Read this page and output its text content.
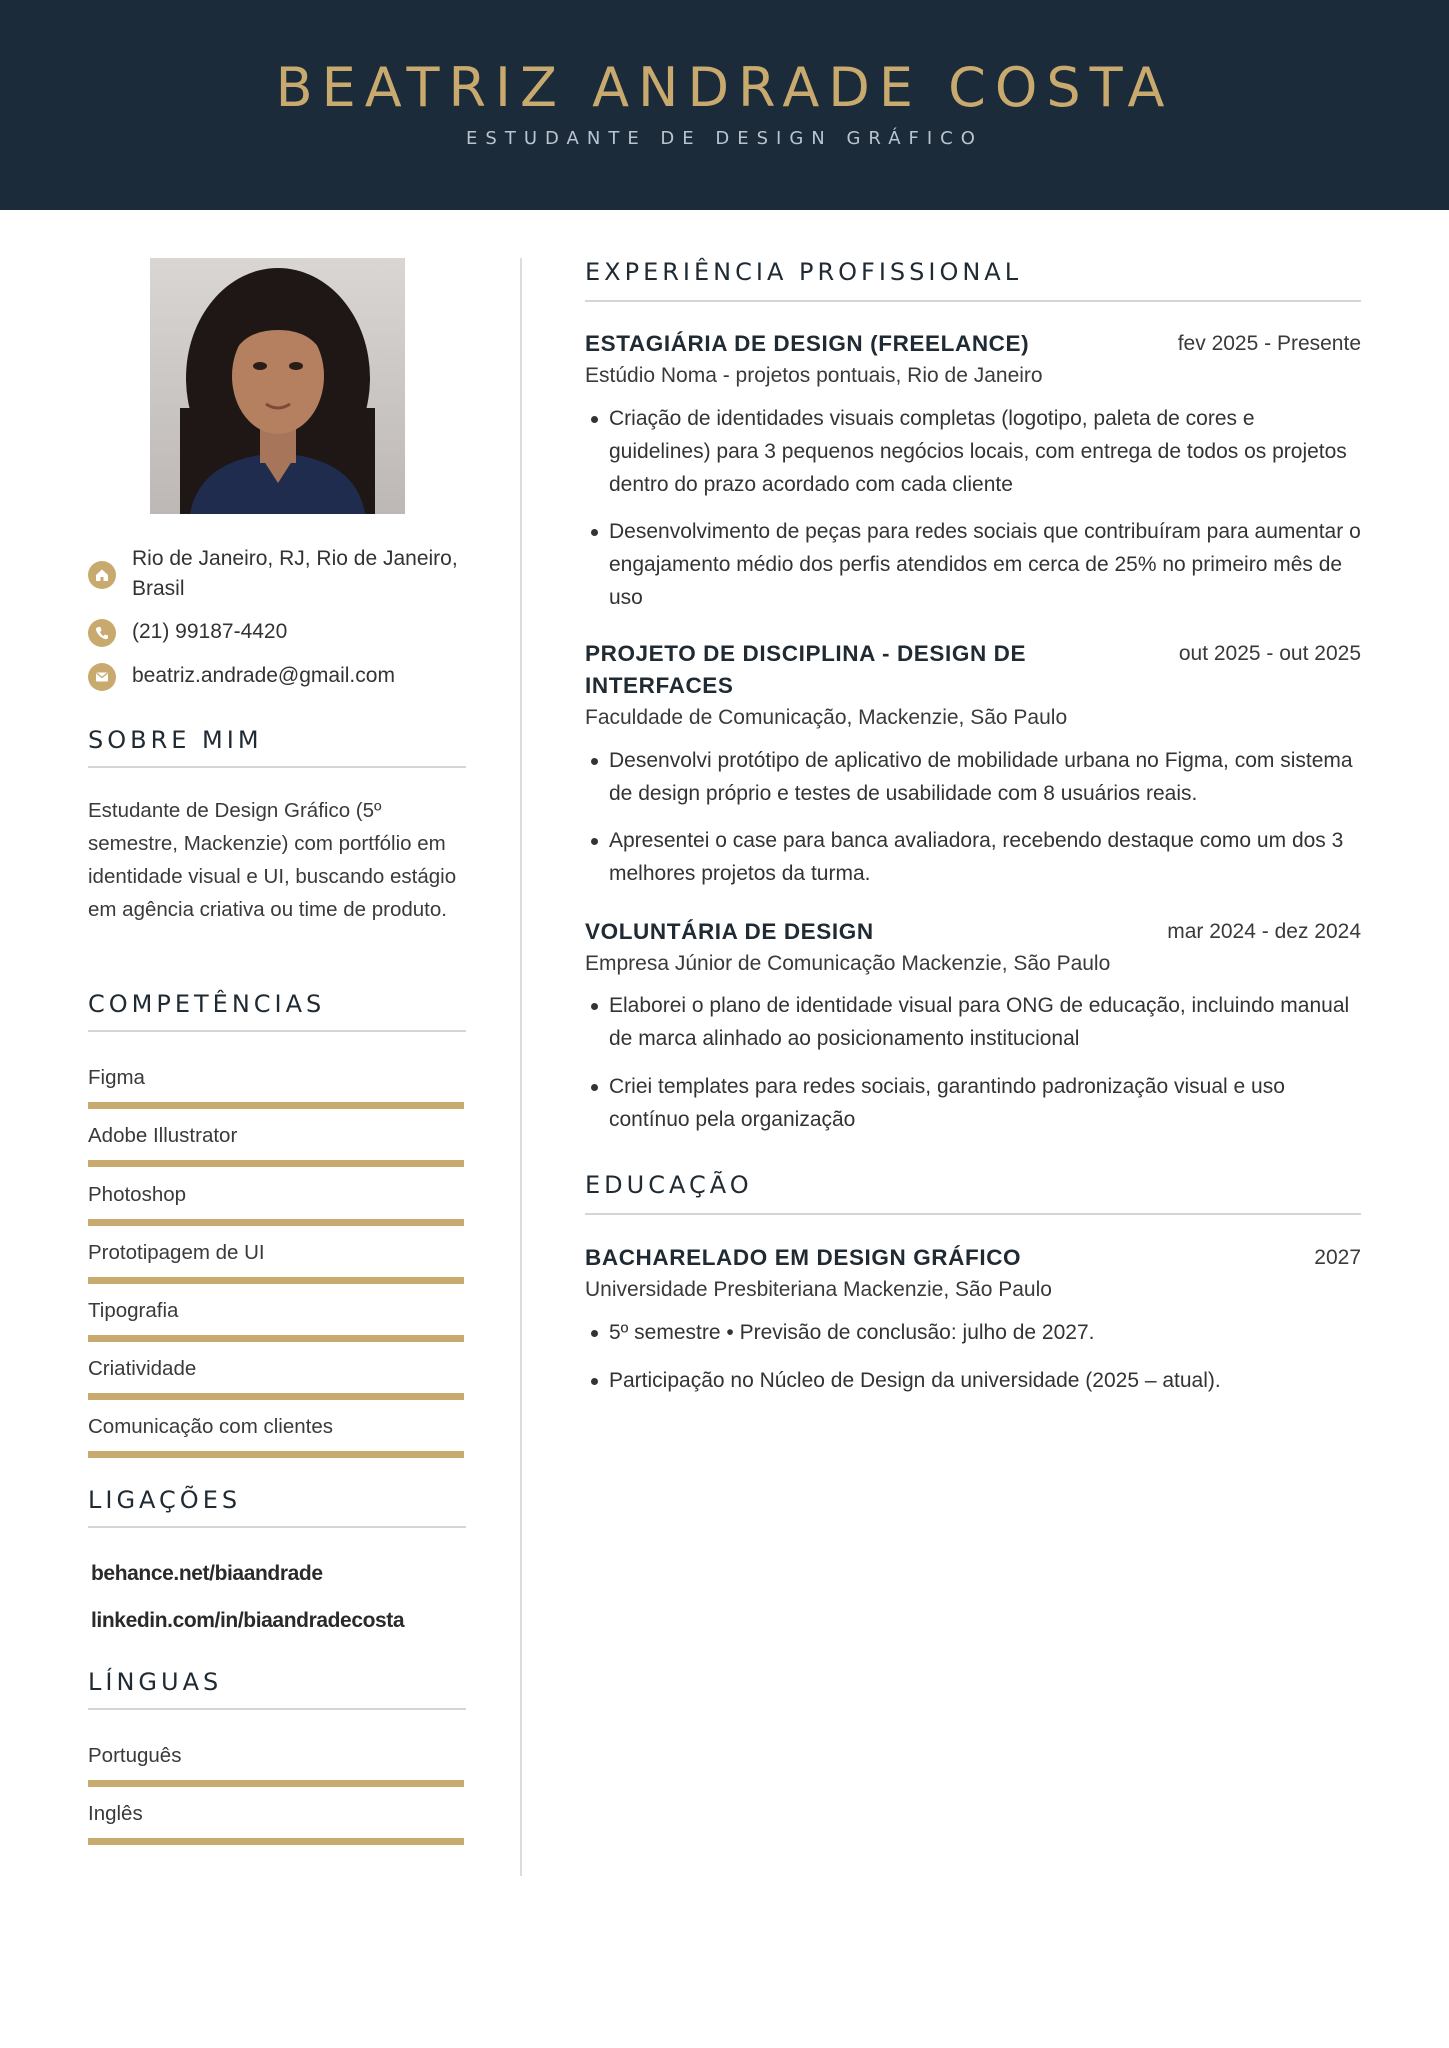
BEATRIZ ANDRADE COSTA
ESTUDANTE DE DESIGN GRÁFICO
Rio de Janeiro, RJ, Rio de Janeiro, Brasil
(21) 99187-4420
beatriz.andrade@gmail.com
SOBRE MIM
Estudante de Design Gráfico (5º semestre, Mackenzie) com portfólio em identidade visual e UI, buscando estágio em agência criativa ou time de produto.
COMPETÊNCIAS
Figma
Adobe Illustrator
Photoshop
Prototipagem de UI
Tipografia
Criatividade
Comunicação com clientes
LIGAÇÕES
behance.net/biaandrade
linkedin.com/in/biaandradecosta
LÍNGUAS
Português
Inglês
EXPERIÊNCIA PROFISSIONAL
ESTAGIÁRIA DE DESIGN (FREELANCE)	fev 2025 - Presente
Estúdio Noma - projetos pontuais, Rio de Janeiro
Criação de identidades visuais completas (logotipo, paleta de cores e guidelines) para 3 pequenos negócios locais, com entrega de todos os projetos dentro do prazo acordado com cada cliente
Desenvolvimento de peças para redes sociais que contribuíram para aumentar o engajamento médio dos perfis atendidos em cerca de 25% no primeiro mês de uso
PROJETO DE DISCIPLINA - DESIGN DE INTERFACES
out 2025 - out 2025
Faculdade de Comunicação, Mackenzie, São Paulo
Desenvolvi protótipo de aplicativo de mobilidade urbana no Figma, com sistema de design próprio e testes de usabilidade com 8 usuários reais.
Apresentei o case para banca avaliadora, recebendo destaque como um dos 3 melhores projetos da turma.
VOLUNTÁRIA DE DESIGN	mar 2024 - dez 2024
Empresa Júnior de Comunicação Mackenzie, São Paulo
Elaborei o plano de identidade visual para ONG de educação, incluindo manual de marca alinhado ao posicionamento institucional
Criei templates para redes sociais, garantindo padronização visual e uso contínuo pela organização
EDUCAÇÃO
BACHARELADO EM DESIGN GRÁFICO	2027
Universidade Presbiteriana Mackenzie, São Paulo
5º semestre • Previsão de conclusão: julho de 2027.
Participação no Núcleo de Design da universidade (2025 – atual).
